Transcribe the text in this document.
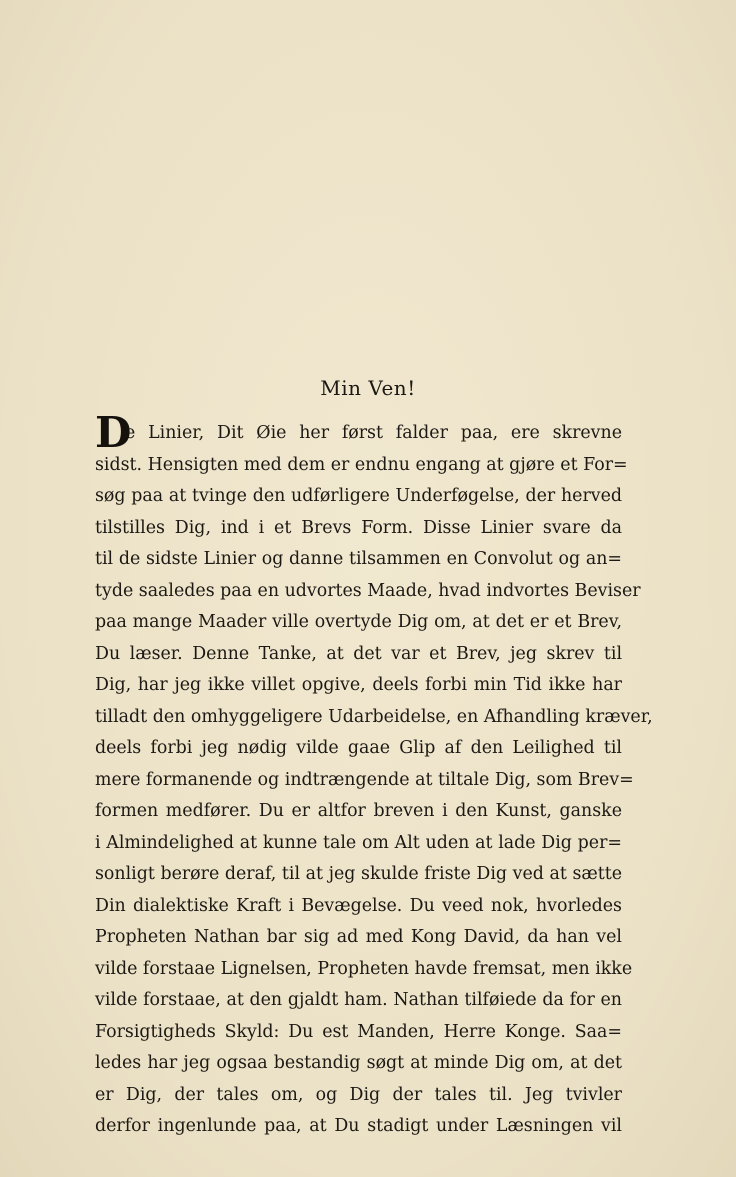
Min Ven!
D
e Linier, Dit Øie her først falder paa, ere skrevne
sidst. Hensigten med dem er endnu engang at gjøre et For=
søg paa at tvinge den udførligere Underføgelse, der herved
tilstilles Dig, ind i et Brevs Form. Disse Linier svare da
til de sidste Linier og danne tilsammen en Convolut og an=
tyde saaledes paa en udvortes Maade, hvad indvortes Beviser
paa mange Maader ville overtyde Dig om, at det er et Brev,
Du læser. Denne Tanke, at det var et Brev, jeg skrev til
Dig, har jeg ikke villet opgive, deels forbi min Tid ikke har
tilladt den omhyggeligere Udarbeidelse, en Afhandling kræver,
deels forbi jeg nødig vilde gaae Glip af den Leilighed til
mere formanende og indtrængende at tiltale Dig, som Brev=
formen medfører. Du er altfor breven i den Kunst, ganske
i Almindelighed at kunne tale om Alt uden at lade Dig per=
sonligt berøre deraf, til at jeg skulde friste Dig ved at sætte
Din dialektiske Kraft i Bevægelse. Du veed nok, hvorledes
Propheten Nathan bar sig ad med Kong David, da han vel
vilde forstaae Lignelsen, Propheten havde fremsat, men ikke
vilde forstaae, at den gjaldt ham. Nathan tilføiede da for en
Forsigtigheds Skyld: Du est Manden, Herre Konge. Saa=
ledes har jeg ogsaa bestandig søgt at minde Dig om, at det
er Dig, der tales om, og Dig der tales til. Jeg tvivler
derfor ingenlunde paa, at Du stadigt under Læsningen vil
